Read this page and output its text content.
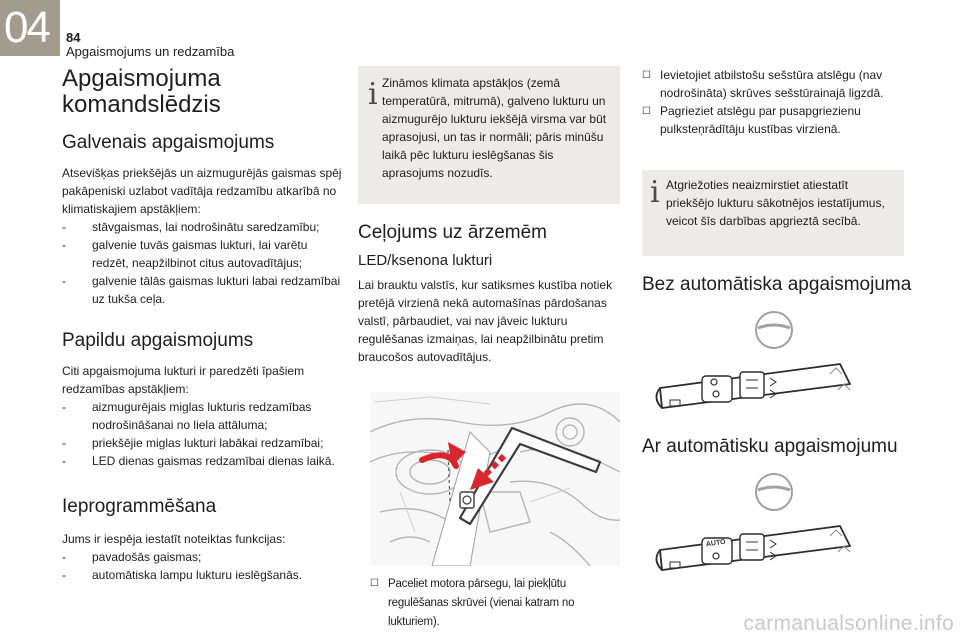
04 84
Apgaismojums un redzamība
Apgaismojuma komandslēdzis
Galvenais apgaismojums

Atsevišķas priekšējās un aizmugurējās gaismas spēj pakāpeniski uzlabot vadītāja redzamību atkarībā no klimatiskajiem apstākļiem:

- stāvgaismas, lai nodrošinātu saredzamību;
- galvenie tuvās gaismas lukturi, lai varētu redzēt, neapžilbinot citus autovadītājus;
- galvenie tālās gaismas lukturi labai redzamībai uz tukša ceļa.
Papildu apgaismojums

Citi apgaismojuma lukturi ir paredzēti īpašiem redzamības apstākļiem:

- aizmugurējais miglas lukturis redzamības nodrošināšanai no liela attāluma;
- priekšējie miglas lukturi labākai redzamībai;
- LED dienas gaismas redzamībai dienas laikā.
Ieprogrammēšana

Jums ir iespēja iestatīt noteiktas funkcijas:

- pavadošās gaismas;
- automātiska lampu lukturu ieslēgšanās.
i Zināmos klimata apstākļos (zemā temperatūrā, mitrumā), galveno lukturu un aizmugurējo lukturu iekšējā virsma var būt aprasojusi, un tas ir normāli; pāris minūšu laikā pēc lukturu ieslēgšanas šis aprasojums nozudīs.
Ceļojums uz ārzemēm
LED/ksenona lukturi

Lai brauktu valstīs, kur satiksmes kustība notiek pretējā virzienā nekā automašīnas pārdošanas valstī, pārbaudiet, vai nav jāveic lukturu regulēšanas izmaiņas, lai neapžilbinātu pretim braucošos autovadītājus.

☐ Paceliet motora pārsegu, lai piekļūtu regulēšanas skrūvei (vienai katram no lukturiem).
☐ Ievietojiet atbilstošu sešstūra atslēgu (nav nodrošināta) skrūves sešstūrainajā ligzdā.
☐ Pagrieziet atslēgu par pusapgriezienu pulksteņrādītāju kustības virzienā.
i Atgriežoties neaizmirstiet atiestatīt priekšējo lukturu sākotnējos iestatījumus, veicot šīs darbības apgrieztā secībā.
Bez automātiska apgaismojuma
Ar automātisku apgaismojumu
AUTO
carmanualsonline.info
